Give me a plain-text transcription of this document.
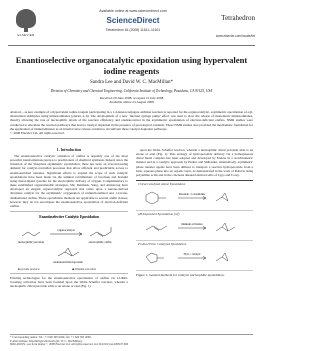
ELSEVIER
Available online at www.sciencedirect.com
ScienceDirect
Tetrahedron 64 (2008) 11611–11621
Tetrahedron
www.elsevier.com/locate/tet
Enantioselective organocatalytic epoxidation using hypervalent iodine reagents
Sandra Lee and David W. C. MacMillan*
Division of Chemistry and Chemical Engineering, California Institute of Technology, Pasadena, CA 91125, USA
Received 20 June 2008; accepted 12 July 2008
Available online 23 August 2008
Abstract—A new example of a hypervalent iodine reagent participating in a 1,4-heteroconjugate addition reaction is reported for the organocatalytic, asymmetric epoxidation of α,β-unsaturated aldehydes using iminoiodinanes (entries 4–6). The development of a new ‘internal syringe pump’ effect was used to slow the release of monomeric iminoiodinanes, thereby allowing the rate of nucleophilic attack of the reaction efficiency and enantiocontrol in the asymmetric epoxidation of electron-deficient olefins. NMR studies were conducted to elucidate the reaction pathways that lead to catalyst depletion in the presence of protological oxidants. These NMR studies also provided the mechanistic foundation for the application of iminoiodinanes as an internal slow release oxidant to circumvent these catalyst depletion pathways.
© 2008 Elsevier Ltd. All rights reserved.
1. Introduction
The enantioselective catalytic oxidation of olefins is arguably one of the most powerful transformations known to practitioners of chemical synthesis. Indeed, since the invention of the Sharpless asymmetric epoxidation, there has been an ever-increasing demand for catalyst-controlled processes that allow efficient and predictable access to enantioenriched oxiranes. Significant efforts to expand the scope of such catalytic epoxidations have been made via the seminal contributions of Jacobsen and Katsuki using metal-ligand systems for the electrophilic delivery of oxygen. Complementary to these established organometallic strategies, Shi, Denmark, Yang, and Armstrong have developed an elegant organocatalytic approach that relies upon a ketone-derived dioxirane catalyst for the asymmetric oxygenation of unfunctionalized and 1,2-trans-disubstituted olefins. These epoxidation methods are applicable to several olefin classes; however they do not encompass the enantioselective epoxidation of electron-deficient olefins.
Enantioselective Catalytic Epoxidation
nucleophilic peroxide	electrophilic olefin
organocatalyst
enantioenriched epoxide
■ epoxide products	◆ iminium activation
Existing technologies for the enantioselective epoxidation of olefins via LUMO-lowering activation have been founded upon the Weitz–Scheffer reaction, wherein a nucleophilic chiral peroxide adds to an enone or enal (Fig. 1).
upon the Weitz–Scheffer reaction, wherein a nucleophilic chiral peroxide adds to an enone or enal (Fig. 1). This strategy of hydroperoxide delivery via a homogeneous chiral metal complex has been adopted and developed by Enders in a stoichiometric manner and in a catalytic approach by Enders and Shibasaki. Alternatively, asymmetric phase transfer agents have been utilized to transport a reactive hydroperoxide from a basic aqueous phase into an organic layer, as demonstrated in the work of Roberts using polyamino acids and in the cinchona alkaloid-derived salts of Lygo and Corey.
Chiral-Catalyzed Amine Epoxidation
Peroxide ⇒ oxaziridine
pH-Dependent Epoxidation (ref)
iminium activation
Prolinol Ether Catalyzed Epoxidation
H₂O₂ / catalyst
Figure 1. General methods for catalytic nucleophilic epoxidation.
* Corresponding author. Tel.: +1 626 395 6044; fax: +1 626 395 2660.
E-mail address: dmacmill@caltech.edu (D. W. C. MacMillan).
0040-4020/$ - see front matter © 2008 Elsevier Ltd. All rights reserved. doi:10.1016/j.tet.2008.07.090
